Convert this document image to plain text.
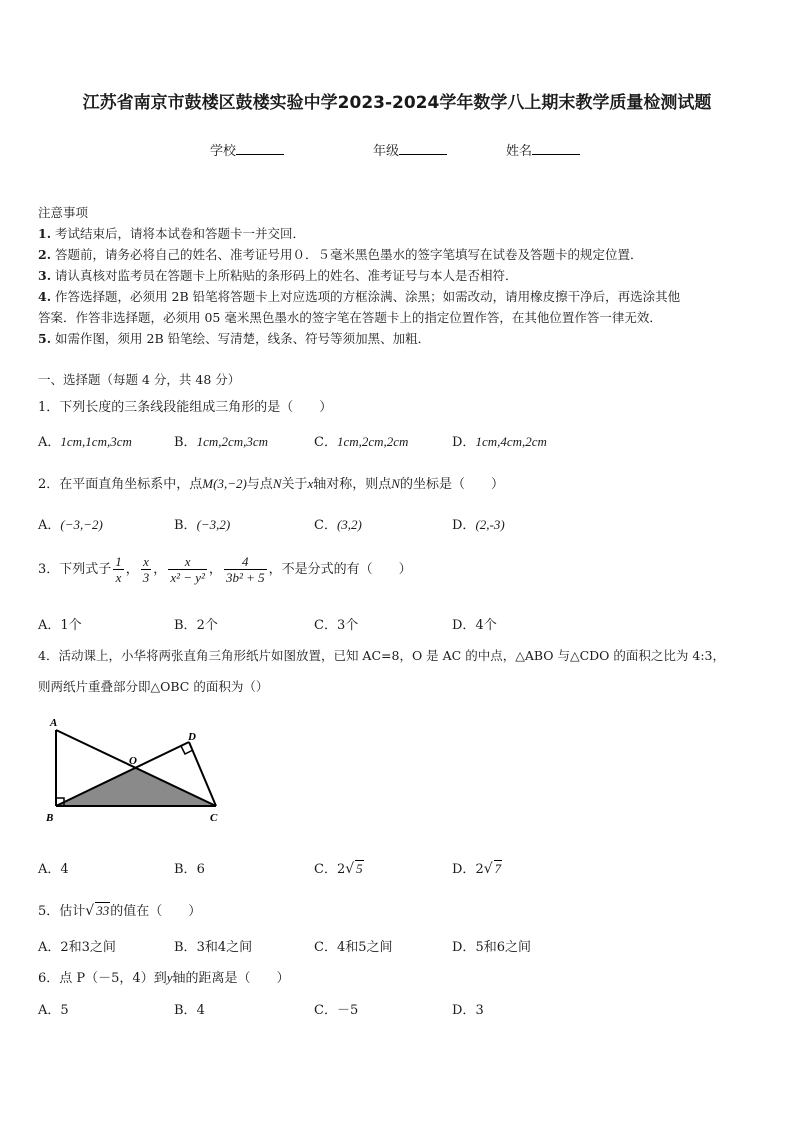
江苏省南京市鼓楼区鼓楼实验中学2023-2024学年数学八上期末教学质量检测试题
学校	年级	姓名
注意事项
1. 考试结束后，请将本试卷和答题卡一并交回．
2. 答题前，请务必将自己的姓名、准考证号用０．５毫米黑色墨水的签字笔填写在试卷及答题卡的规定位置．
3. 请认真核对监考员在答题卡上所粘贴的条形码上的姓名、准考证号与本人是否相符．
4. 作答选择题，必须用 2B 铅笔将答题卡上对应选项的方框涂满、涂黑；如需改动，请用橡皮擦干净后，再选涂其他
答案．作答非选择题，必须用 05 毫米黑色墨水的签字笔在答题卡上的指定位置作答，在其他位置作答一律无效．
5. 如需作图，须用 2B 铅笔绘、写清楚，线条、符号等须加黑、加粗．
一、选择题（每题 4 分，共 48 分）
1．下列长度的三条线段能组成三角形的是（　　）
A．1cm,1cm,3cm	B．1cm,2cm,3cm	C．1cm,2cm,2cm	D．1cm,4cm,2cm
2．在平面直角坐标系中，点M(3,−2)与点N关于x轴对称，则点N的坐标是（　　）
A．(−3,−2)	B．(−3,2)	C．(3,2)	D．(2,-3)
3．下列式子 $\frac{1}{x}$ ， $\frac{x}{3}$ ， $\frac{x}{\text{x² − y²}}$ ， $\frac{4}{\text{3b² + 5}}$ ，不是分式的有（　　）
A．1个	B．2个	C．3个	D．4个
4．活动课上，小华将两张直角三角形纸片如图放置，已知 AC=8，O 是 AC 的中点，△ABO 与△CDO 的面积之比为 4:3，
则两纸片重叠部分即△OBC 的面积为（）
A
B	C
D
O
A．4	B．6	C．2√ 5	D．2√ 7
5．估计√ 33的值在（　　）
A．2和3之间	B．3和4之间	C．4和5之间	D．5和6之间
6．点 P（－5，4）到y轴的距离是（　　）
A．5	B．4	C．－5	D．3
